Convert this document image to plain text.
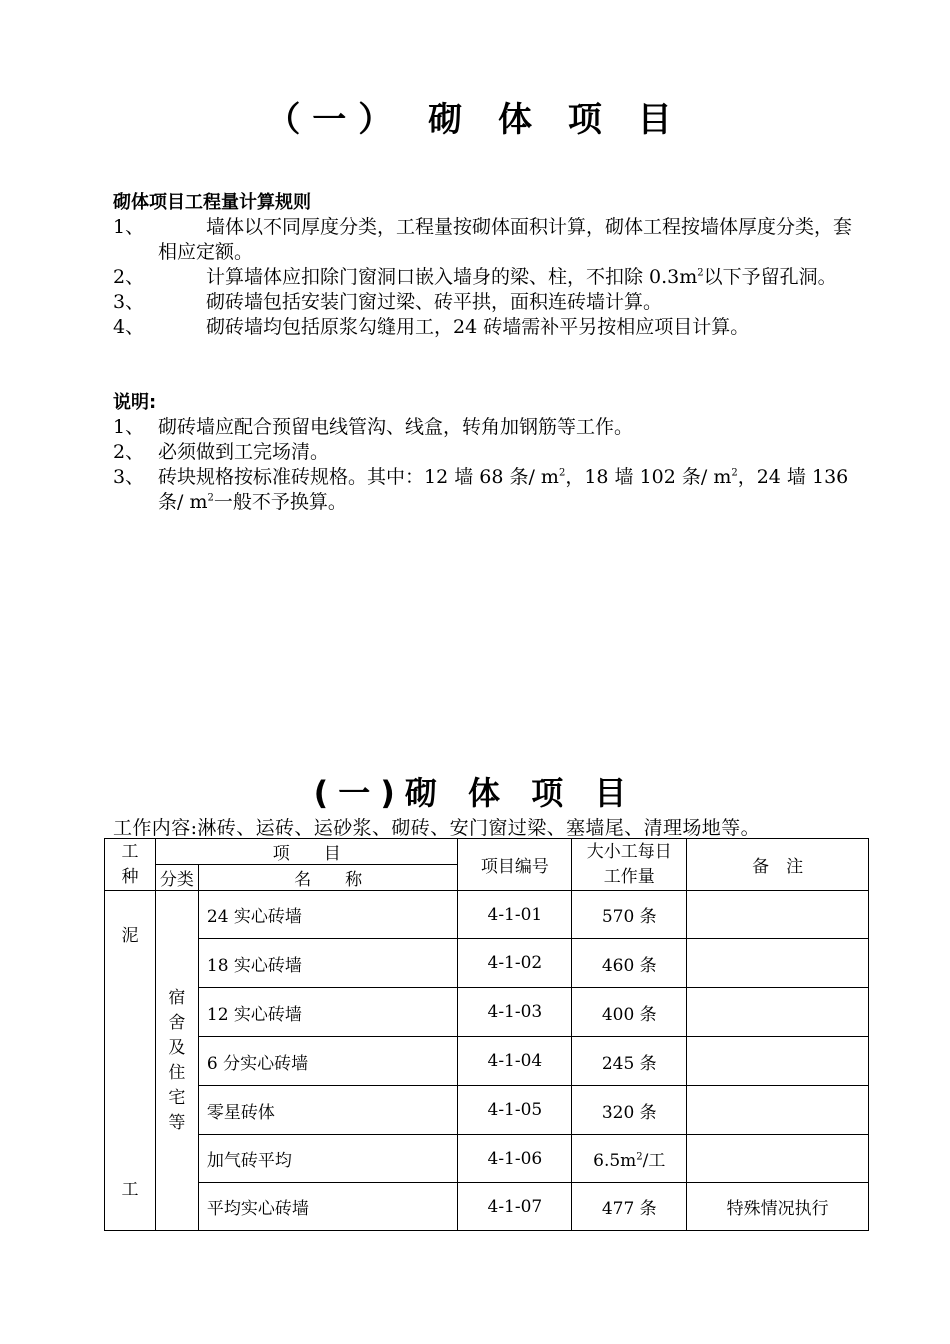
（一） 砌 体 项 目
砌体项目工程量计算规则
1、	墙体以不同厚度分类，工程量按砌体面积计算，砌体工程按墙体厚度分类，套相应定额。
2、	计算墙体应扣除门窗洞口嵌入墙身的梁、柱，不扣除 $0.3m^2$以下予留孔洞。
3、	砌砖墙包括安装门窗过梁、砖平拱，面积连砖墙计算。
4、	砌砖墙均包括原浆勾缝用工，24 砖墙需补平另按相应项目计算。
说明:
1、 砌砖墙应配合预留电线管沟、线盒，转角加钢筋等工作。
2、 必须做到工完场清。
3、 砖块规格按标准砖规格。其中：12 墙 68 条/ $m^2$，18 墙 102 条/ $m^2$，24 墙 136 条/ $m^2$一般不予换算。
(一)砌 体 项 目
工作内容:淋砖、运砖、运砂浆、砌砖、安门窗过梁、塞墙尾、清理场地等。
工种	项　　目		项目编号	大小工每日工作量	备　注
	分类	名　　称			

泥
工	宿舍及住宅等	24 实心砖墙	4-1-01	570 条	
		18 实心砖墙	4-1-02	460 条	
		12 实心砖墙	4-1-03	400 条	
		6 分实心砖墙	4-1-04	245 条	
		零星砖体	4-1-05	320 条	
		加气砖平均	4-1-06	$6.5m^2/$工	
		平均实心砖墙	4-1-07	477 条	特殊情况执行
